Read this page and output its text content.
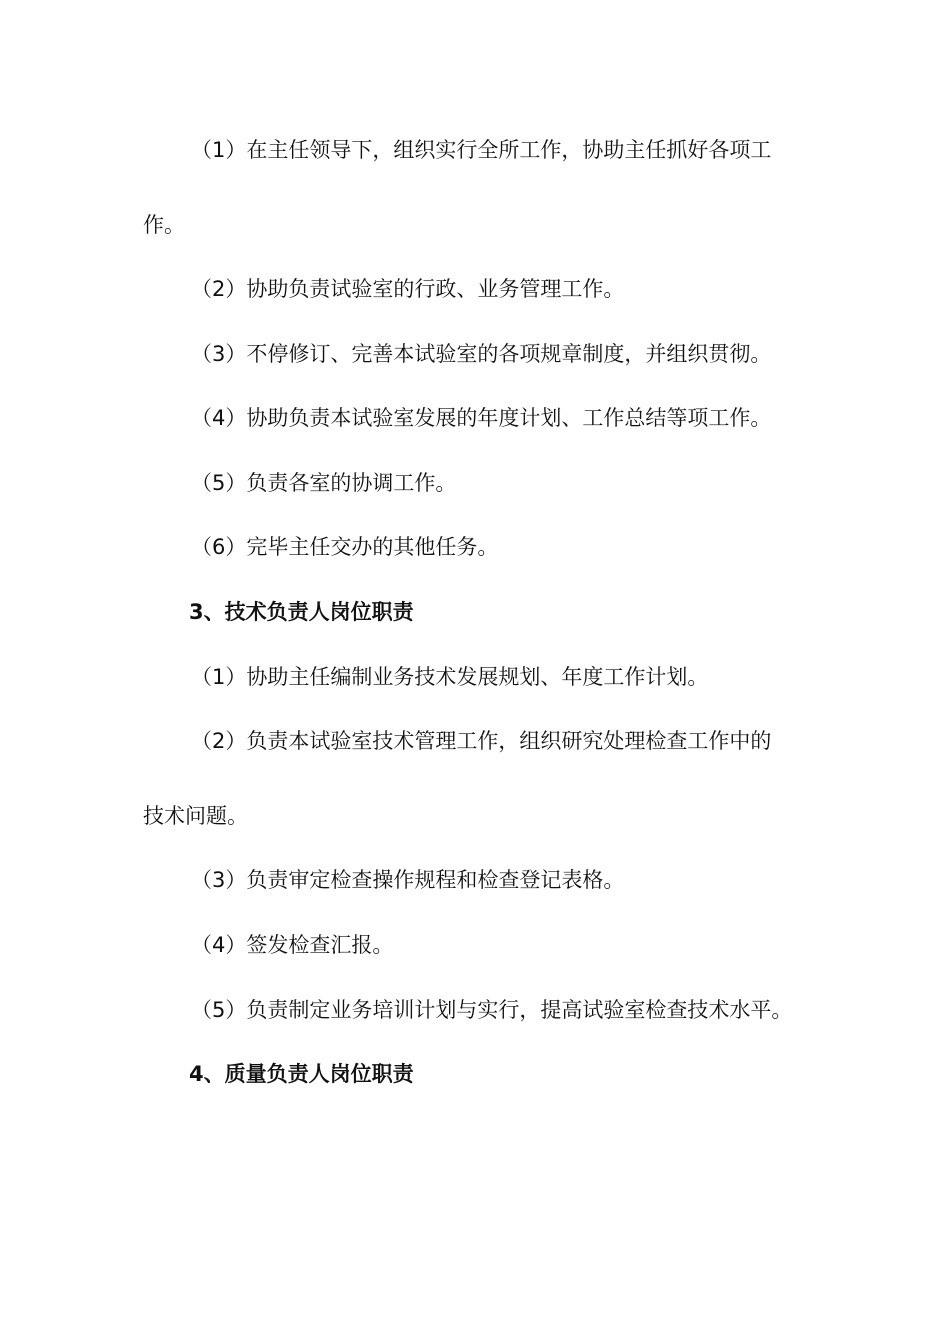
（1）在主任领导下，组织实行全所工作，协助主任抓好各项工
作。
（2）协助负责试验室的行政、业务管理工作。
（3）不停修订、完善本试验室的各项规章制度，并组织贯彻。
（4）协助负责本试验室发展的年度计划、工作总结等项工作。
（5）负责各室的协调工作。
（6）完毕主任交办的其他任务。
3、技术负责人岗位职责
（1）协助主任编制业务技术发展规划、年度工作计划。
（2）负责本试验室技术管理工作，组织研究处理检查工作中的
技术问题。
（3）负责审定检查操作规程和检查登记表格。
（4）签发检查汇报。
（5）负责制定业务培训计划与实行，提高试验室检查技术水平。
4、质量负责人岗位职责
